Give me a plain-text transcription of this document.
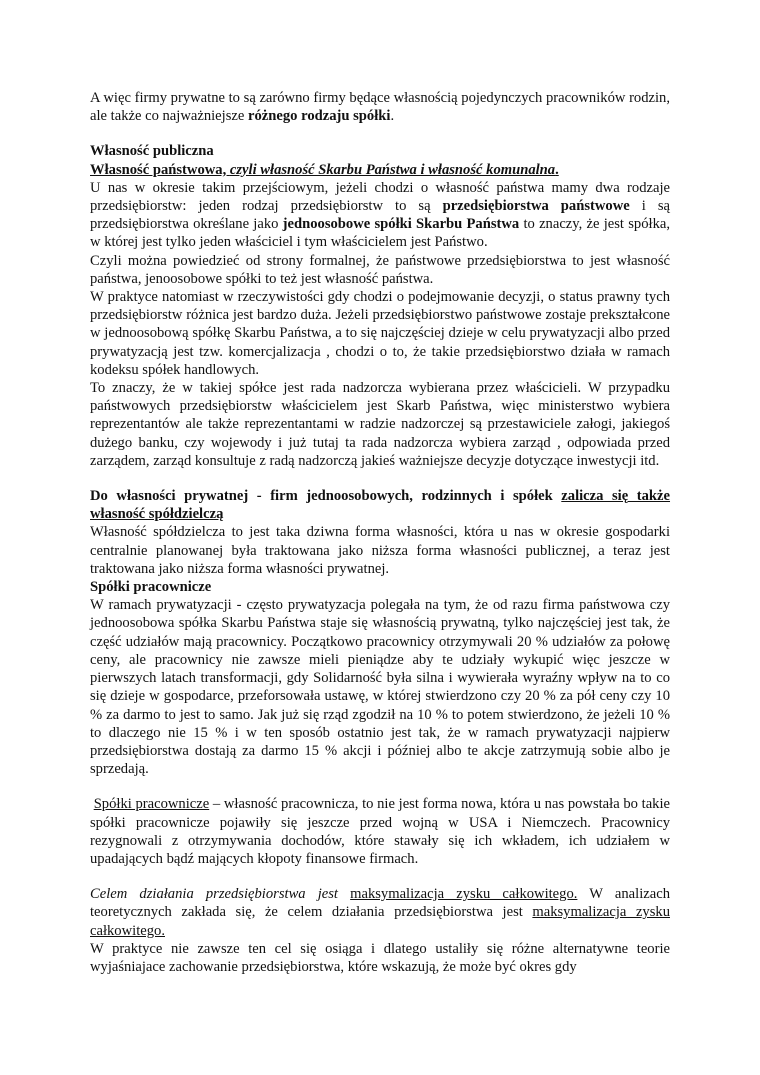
A więc firmy prywatne to są zarówno firmy będące własnością pojedynczych pracowników rodzin, ale także co najważniejsze różnego rodzaju spółki.

Własność publiczna

Własność państwowa, czyli własność Skarbu Państwa i własność komunalna.

U nas w okresie takim przejściowym, jeżeli chodzi o własność państwa mamy dwa rodzaje przedsiębiorstw: jeden rodzaj przedsiębiorstw to są przedsiębiorstwa państwowe i są przedsiębiorstwa określane jako jednoosobowe spółki Skarbu Państwa to znaczy, że jest spółka, w której jest tylko jeden właściciel i tym właścicielem jest Państwo.

Czyli można powiedzieć od strony formalnej, że państwowe przedsiębiorstwa to jest własność państwa, jenoosobowe spółki to też jest własność państwa.

W praktyce natomiast w rzeczywistości gdy chodzi o podejmowanie decyzji, o status prawny tych przedsiębiorstw różnica jest bardzo duża. Jeżeli przedsiębiorstwo państwowe zostaje prekształcone w jednoosobową spółkę Skarbu Państwa, a to się najczęściej dzieje w celu prywatyzacji albo przed prywatyzacją jest tzw. komercjalizacja , chodzi o to, że takie przedsiębiorstwo działa w ramach kodeksu spółek handlowych.

To znaczy, że w takiej spółce jest rada nadzorcza wybierana przez właścicieli. W przypadku państwowych przedsiębiorstw właścicielem jest Skarb Państwa, więc ministerstwo wybiera reprezentantów ale także reprezentantami w radzie nadzorczej są przestawiciele załogi, jakiegoś dużego banku, czy wojewody i już tutaj ta rada nadzorcza wybiera zarząd , odpowiada przed zarządem, zarząd konsultuje z radą nadzorczą jakieś ważniejsze decyzje dotyczące inwestycji itd.

Do własności prywatnej - firm jednoosobowych, rodzinnych i spółek zalicza się także własność spółdzielczą

Własność spółdzielcza to jest taka dziwna forma własności, która u nas w okresie gospodarki centralnie planowanej była traktowana jako niższa forma własności publicznej, a teraz jest traktowana jako niższa forma własności prywatnej.

Spółki pracownicze

W ramach prywatyzacji - często prywatyzacja polegała na tym, że od razu firma państwowa czy jednoosobowa spółka Skarbu Państwa staje się własnością prywatną, tylko najczęściej jest tak, że część udziałów mają pracownicy. Początkowo pracownicy otrzymywali 20 % udziałów za połowę ceny, ale pracownicy nie zawsze mieli pieniądze aby te udziały wykupić więc jeszcze w pierwszych latach transformacji, gdy Solidarność była silna i wywierała wyraźny wpływ na to co się dzieje w gospodarce, przeforsowała ustawę, w której stwierdzono czy 20 % za pół ceny czy 10 % za darmo to jest to samo. Jak już się rząd zgodził na 10 % to potem stwierdzono, że jeżeli 10 % to dlaczego nie 15 % i w ten sposób ostatnio jest tak, że w ramach prywatyzacji najpierw przedsiębiorstwa dostają za darmo 15 % akcji i później albo te akcje zatrzymują sobie albo je sprzedają.

Spółki pracownicze – własność pracownicza, to nie jest forma nowa, która u nas powstała bo takie spółki pracownicze pojawiły się jeszcze przed wojną w USA i Niemczech. Pracownicy rezygnowali z otrzymywania dochodów, które stawały się ich wkładem, ich udziałem w upadających bądź mających kłopoty finansowe firmach.

Celem działania przedsiębiorstwa jest maksymalizacja zysku całkowitego. W analizach teoretycznych zakłada się, że celem działania przedsiębiorstwa jest maksymalizacja zysku całkowitego.

W praktyce nie zawsze ten cel się osiąga i dlatego ustaliły się różne alternatywne teorie wyjaśniajace zachowanie przedsiębiorstwa, które wskazują, że może być okres gdy
